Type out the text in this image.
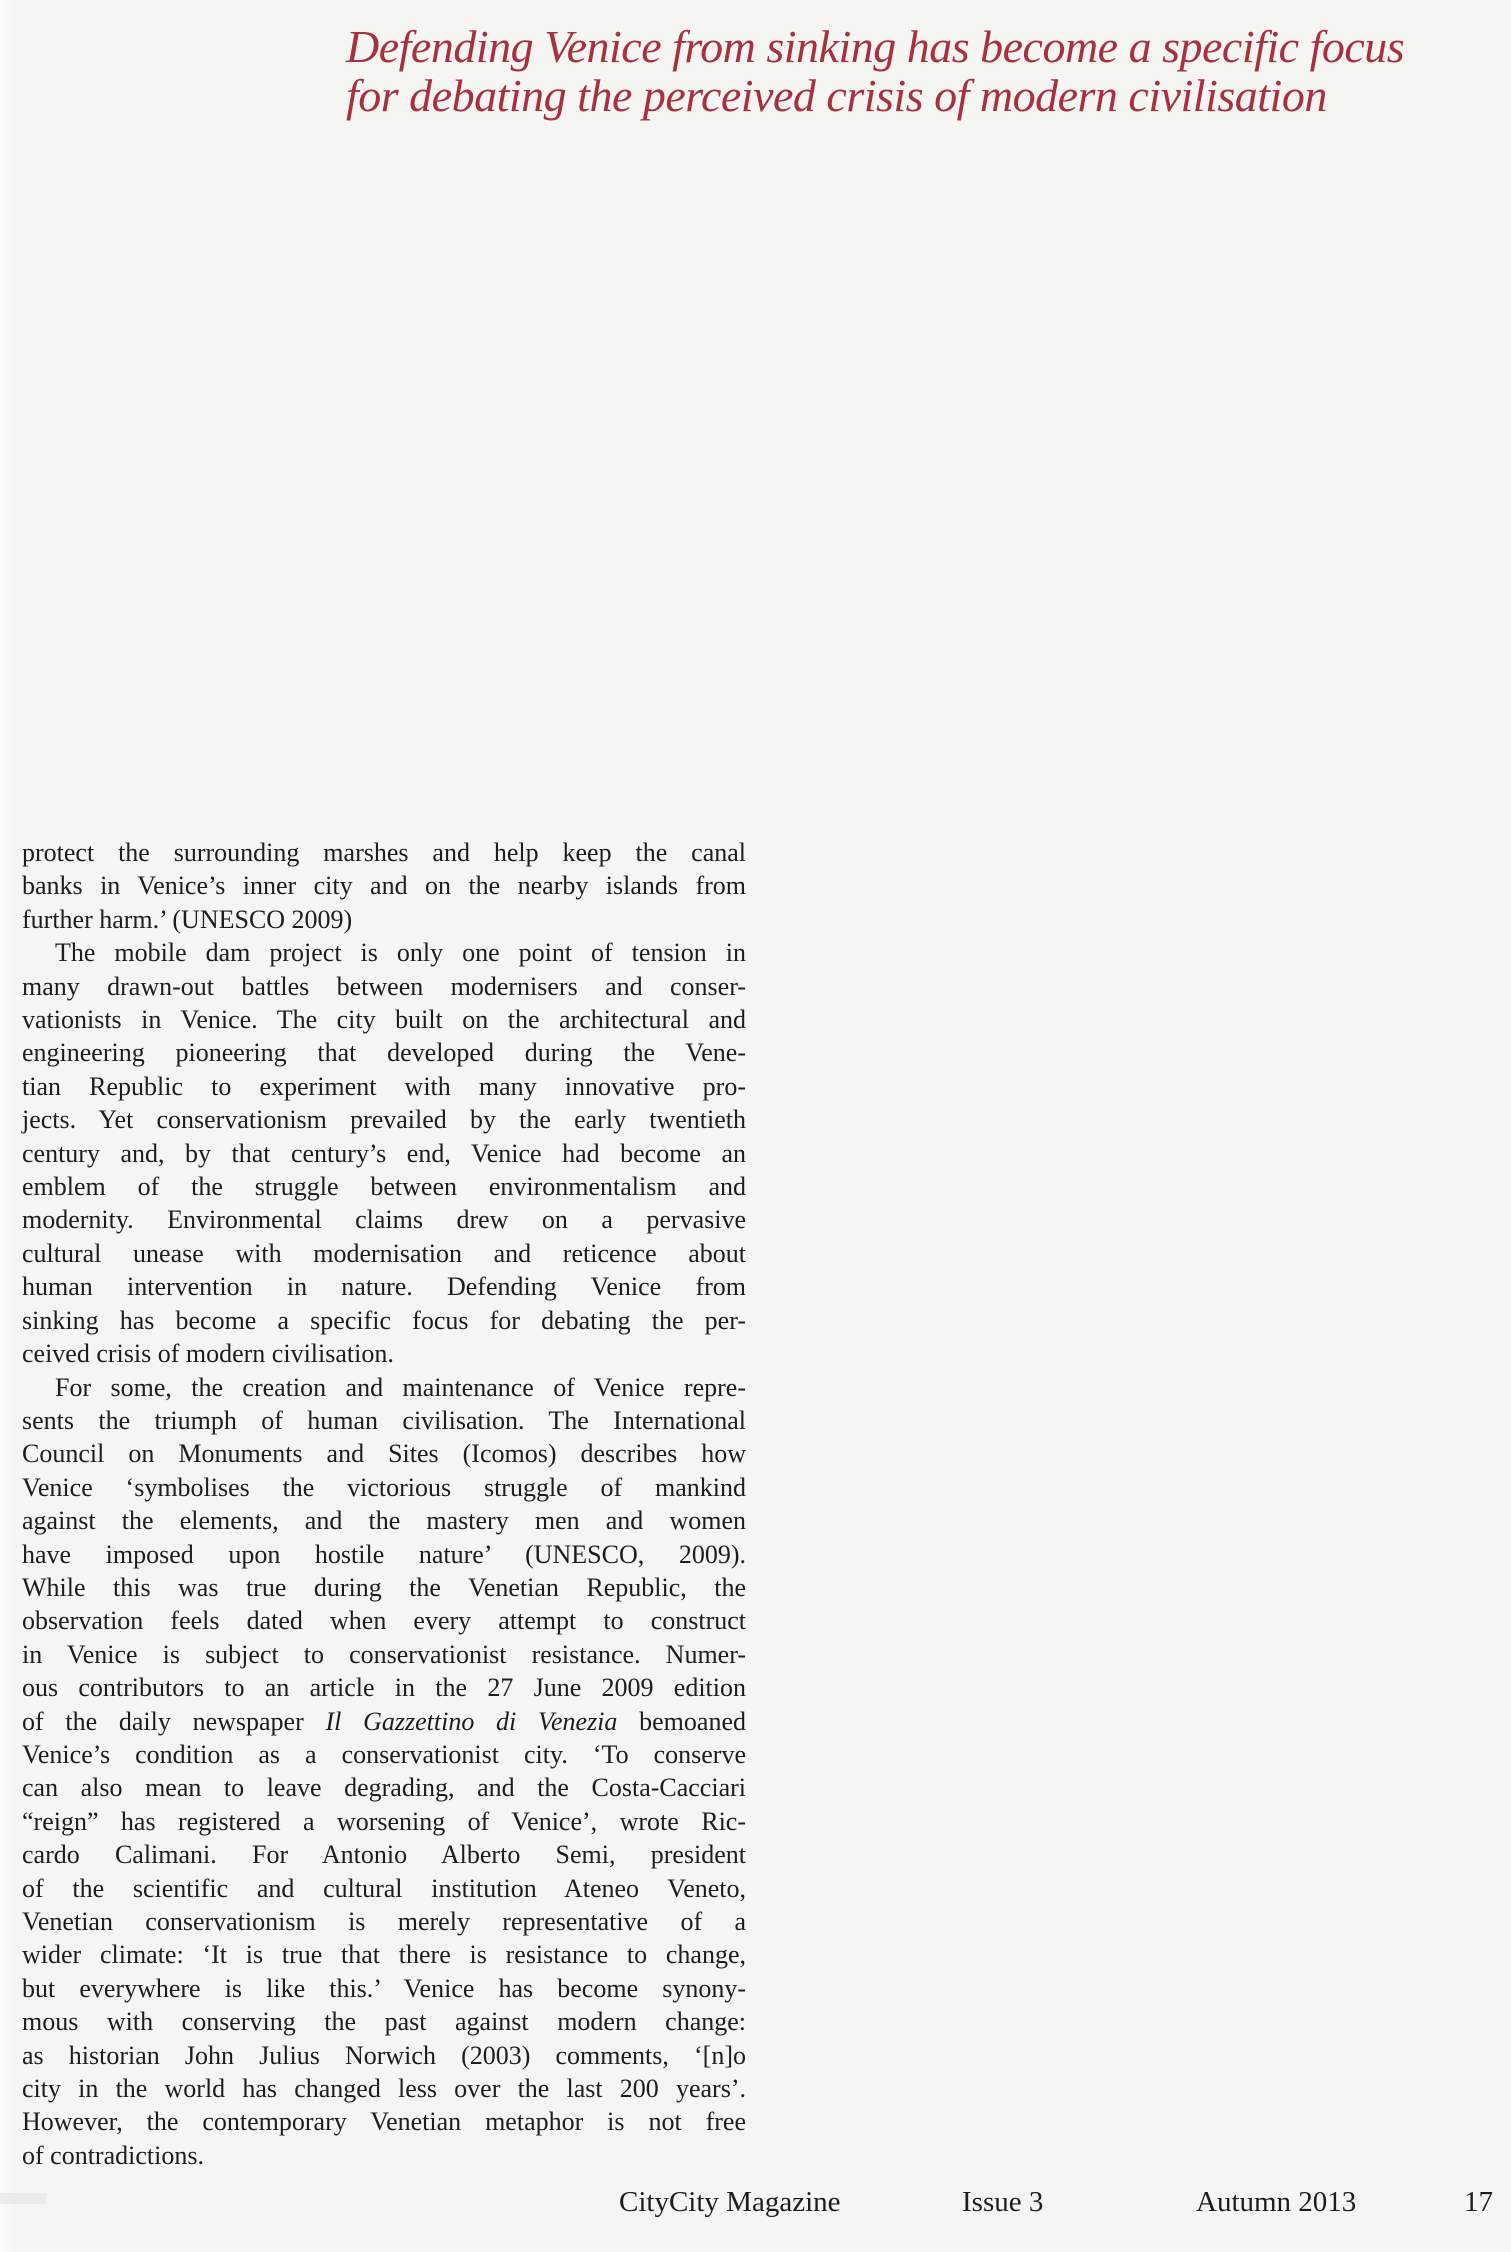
Defending Venice from sinking has become a specific focus
for debating the perceived crisis of modern civilisation
protect the surrounding marshes and help keep the canal
banks in Venice’s inner city and on the nearby islands from
further harm.’ (UNESCO 2009)
The mobile dam project is only one point of tension in
many drawn-out battles between modernisers and conser-
vationists in Venice. The city built on the architectural and
engineering pioneering that developed during the Vene-
tian Republic to experiment with many innovative pro-
jects. Yet conservationism prevailed by the early twentieth
century and, by that century’s end, Venice had become an
emblem of the struggle between environmentalism and
modernity. Environmental claims drew on a pervasive
cultural unease with modernisation and reticence about
human intervention in nature. Defending Venice from
sinking has become a specific focus for debating the per-
ceived crisis of modern civilisation.
For some, the creation and maintenance of Venice repre-
sents the triumph of human civilisation. The International
Council on Monuments and Sites (Icomos) describes how
Venice ‘symbolises the victorious struggle of mankind
against the elements, and the mastery men and women
have imposed upon hostile nature’ (UNESCO, 2009).
While this was true during the Venetian Republic, the
observation feels dated when every attempt to construct
in Venice is subject to conservationist resistance. Numer-
ous contributors to an article in the 27 June 2009 edition
of the daily newspaper Il Gazzettino di Venezia bemoaned
Venice’s condition as a conservationist city. ‘To conserve
can also mean to leave degrading, and the Costa-Cacciari
“reign” has registered a worsening of Venice’, wrote Ric-
cardo Calimani. For Antonio Alberto Semi, president
of the scientific and cultural institution Ateneo Veneto,
Venetian conservationism is merely representative of a
wider climate: ‘It is true that there is resistance to change,
but everywhere is like this.’ Venice has become synony-
mous with conserving the past against modern change:
as historian John Julius Norwich (2003) comments, ‘[n]o
city in the world has changed less over the last 200 years’.
However, the contemporary Venetian metaphor is not free
of contradictions.
CityCity Magazine	Issue 3	Autumn 2013	17
